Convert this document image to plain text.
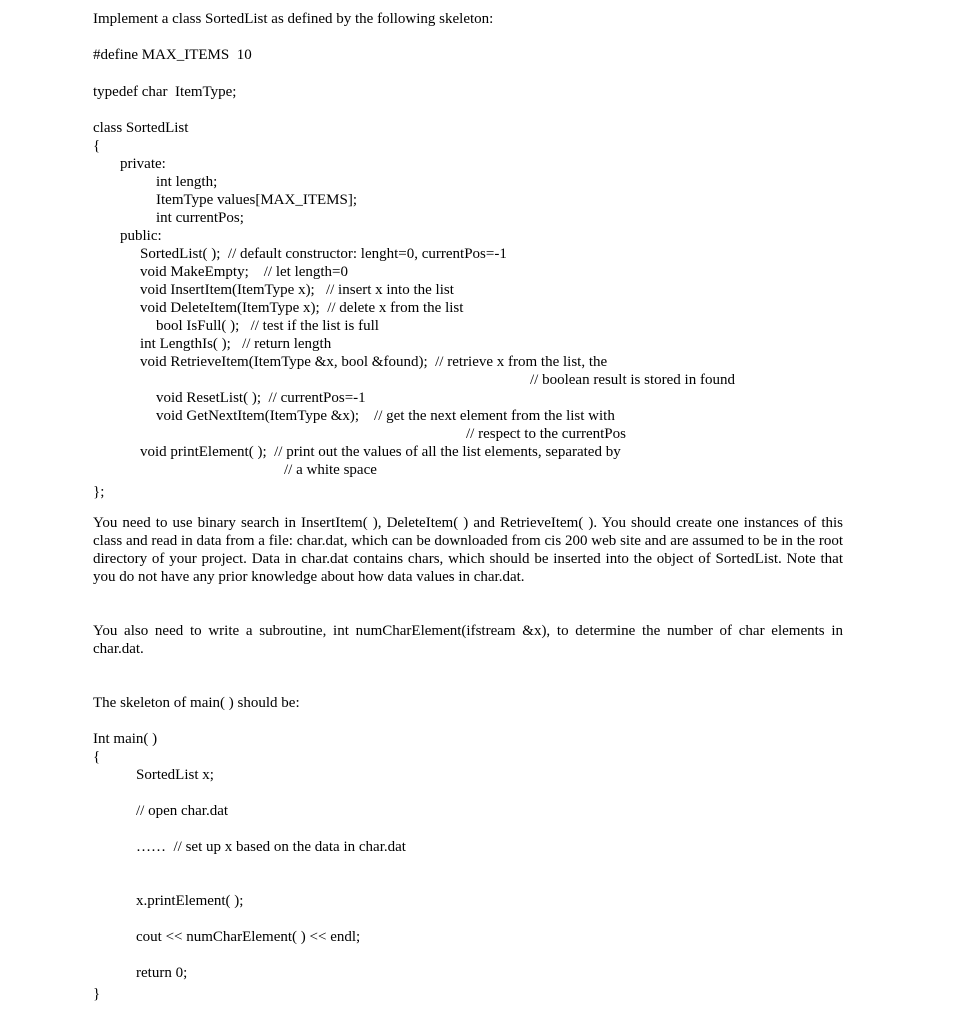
Implement a class SortedList as defined by the following skeleton:
#define MAX_ITEMS  10
typedef char  ItemType;
class SortedList
{
private:
int length;
ItemType values[MAX_ITEMS];
int currentPos;
public:
SortedList( );  // default constructor: lenght=0, currentPos=-1
void MakeEmpty;    // let length=0
void InsertItem(ItemType x);   // insert x into the list
void DeleteItem(ItemType x);  // delete x from the list
bool IsFull( );   // test if the list is full
int LengthIs( );   // return length
void RetrieveItem(ItemType &x, bool &found);  // retrieve x from the list, the
// boolean result is stored in found
void ResetList( );  // currentPos=-1
void GetNextItem(ItemType &x);    // get the next element from the list with
// respect to the currentPos
void printElement( );  // print out the values of all the list elements, separated by
// a white space
};
You need to use binary search in InsertItem( ), DeleteItem( ) and RetrieveItem( ). You should create one instances of this class and read in data from a file: char.dat, which can be downloaded from cis 200 web site and are assumed to be in the root directory of your project. Data in char.dat contains chars, which should be inserted into the object of SortedList. Note that you do not have any prior knowledge about how data values in char.dat.
You also need to write a subroutine, int numCharElement(ifstream &x), to determine the number of char elements in char.dat.
The skeleton of main( ) should be:
Int main( )
{
SortedList x;
// open char.dat
……  // set up x based on the data in char.dat
x.printElement( );
cout << numCharElement( ) << endl;
return 0;
}
